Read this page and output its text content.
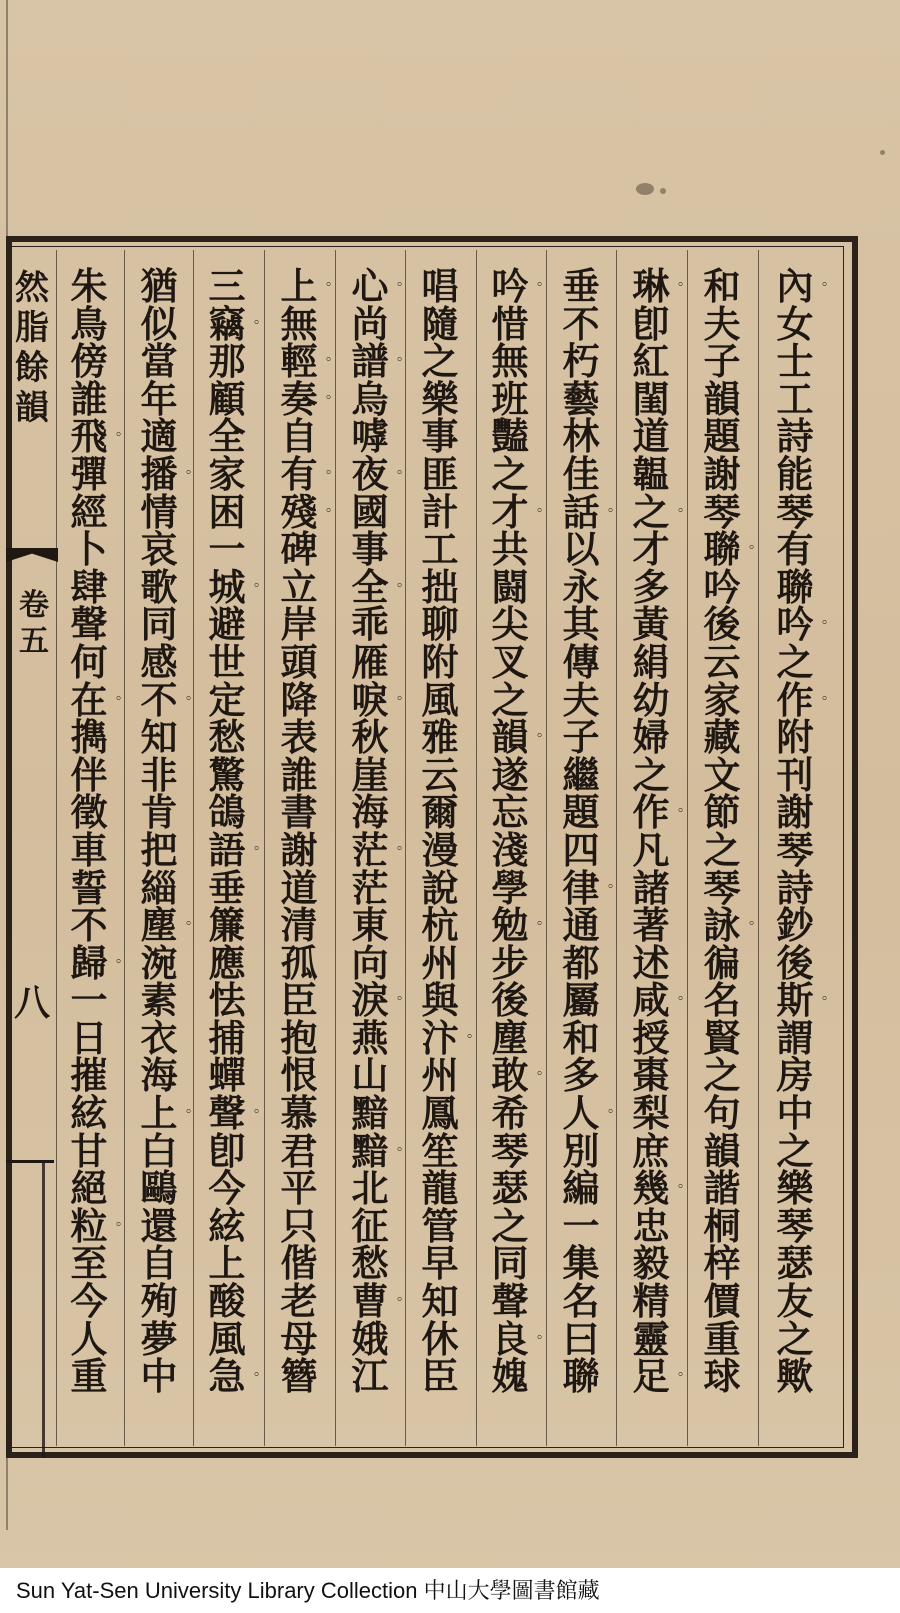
內 。
女
士
工
詩
能
琴
有
聯
吟 。
之
作 。
附
刊
謝
琴
詩
鈔
後
斯 。
謂
房
中
之
樂
琴
瑟
友
之
歟
和
夫
子
韻
題
謝
琴
聯 。
吟
後
云
家
藏
文
節
之
琴
詠 。
徧
名
賢
之
句
韻
諧
桐
梓
價
重
球
琳 。
卽
紅
閨
道
韞
之 。
才
多
黃
絹
幼
婦
之
作 。
凡
諸
著
述
咸 。
授
棗
梨
庶
幾 。
忠
毅
精
靈
足 。
垂
不
朽
藝
林
佳
話 。
以
永
其
傳
夫
子
繼
題
四
律 。
通
都
屬
和
多
人 。
別
編
一
集
名
曰
聯
吟 。
惜
無
班
豔
之
才 。
共
闘
尖
叉
之
韻 。
遂
忘
淺
學
勉 。
步
後
塵
敢 。
希
琴
瑟
之
同
聲
良 。
媿
唱
隨
之
樂
事
匪
計
工
拙
聊
附
風
雅
云
爾
漫
說
杭
州
與
汴 。
州
鳳
笙
龍
管
早
知
休
臣
心 。
尚
譜 。
烏
嘑
夜 。
國
事
全 。
乖
雁
唳 。
秋
崖
海
茫 。
茫
東
向
淚 。
燕
山
黯
黯 。
北
征
愁
曹 。
娥
江
上 。
無
輕 。
奏 。
自
有 。
殘 。
碑
立
岸
頭
降
表
誰
書
謝
道
清
孤
臣
抱
恨
慕
君
平
只
偕
老
母
簪
三
竊 。
那
顧
全
家
困
一
城 。
避
世
定
愁
驚
鴿
語 。
垂
簾
應
怯
捕
蟬
聲 。
卽
今
絃
上
酸
風
急 。
猶
似
當
年
適
播 。
情
哀
歌
同
感
不 。
知
非
肯
把
緇
塵 。
涴
素
衣
海
上 。
白
鷗
還
自
殉
夢
中
朱
鳥
傍
誰
飛 。
彈
經
卜
肆
聲
何
在 。
擕
伴
徵
車
誓
不
歸 。
一
日
摧
絃
甘
絕
粒 。
至
今
人
重
然
脂
餘
韻
卷
五
八
Sun Yat-Sen University Library Collection 中山大學圖書館藏
